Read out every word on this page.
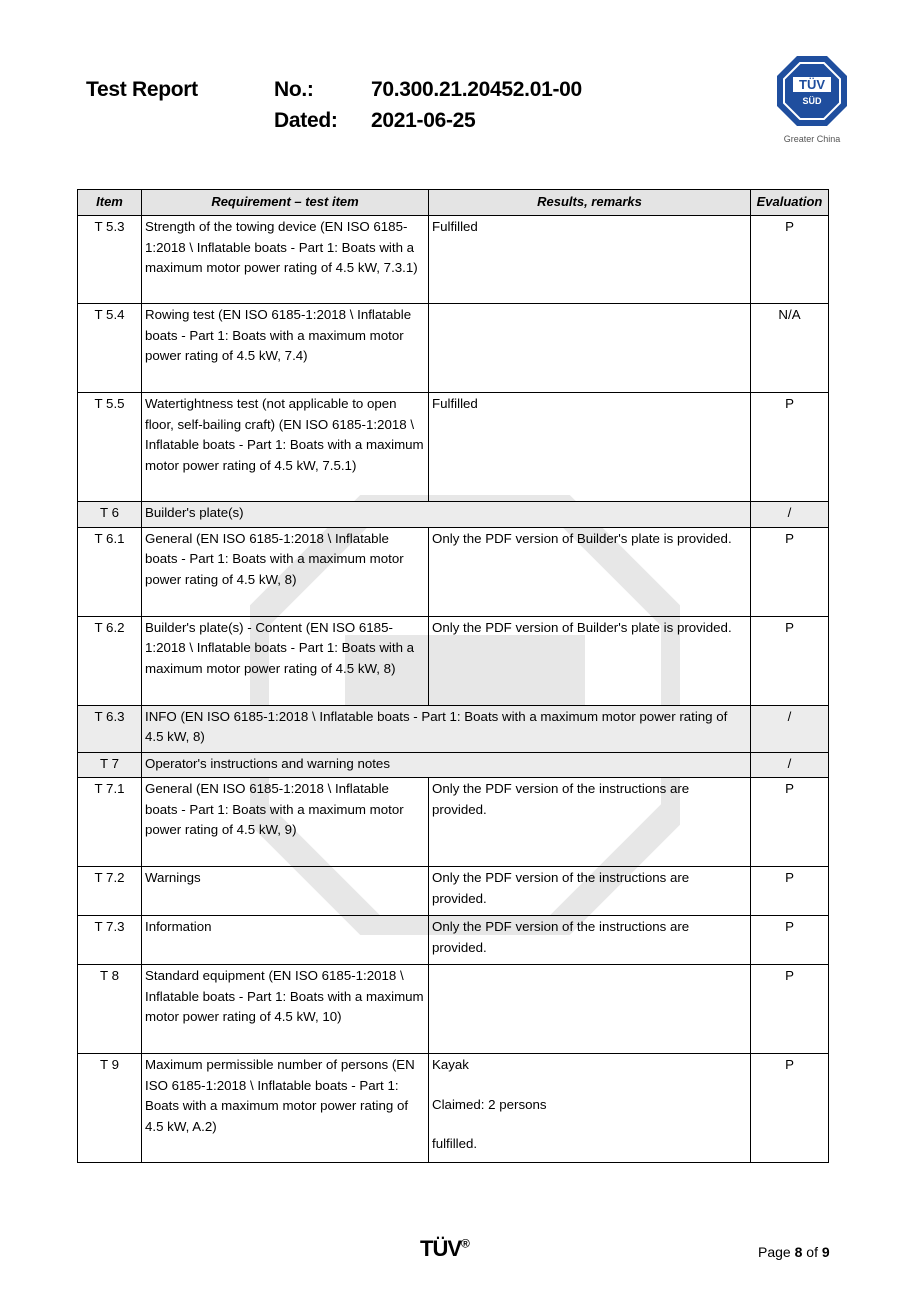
Test Report	No.:	70.300.21.20452.01-00
Dated: 2021-06-25
TÜV
SÜD
Greater China
Item	Requirement – test item	Results, remarks	Evaluation
T 5.3	Strength of the towing device (EN ISO 6185-1:2018 \ Inflatable boats - Part 1: Boats with a maximum motor power rating of 4.5 kW, 7.3.1)	Fulfilled	P
T 5.4	Rowing test (EN ISO 6185-1:2018 \ Inflatable boats - Part 1: Boats with a maximum motor power rating of 4.5 kW, 7.4)		N/A
T 5.5	Watertightness test (not applicable to open floor, self-bailing craft) (EN ISO 6185-1:2018 \ Inflatable boats - Part 1: Boats with a maximum motor power rating of 4.5 kW, 7.5.1)	Fulfilled	P
T 6	Builder's plate(s)		/
T 6.1	General (EN ISO 6185-1:2018 \ Inflatable boats - Part 1: Boats with a maximum motor power rating of 4.5 kW, 8)	Only the PDF version of Builder's plate is provided.	P
T 6.2	Builder's plate(s) - Content (EN ISO 6185-1:2018 \ Inflatable boats - Part 1: Boats with a maximum motor power rating of 4.5 kW, 8)	Only the PDF version of Builder's plate is provided.	P
T 6.3	INFO (EN ISO 6185-1:2018 \ Inflatable boats - Part 1: Boats with a maximum motor power rating of 4.5 kW, 8)		/
T 7	Operator's instructions and warning notes		/
T 7.1	General (EN ISO 6185-1:2018 \ Inflatable boats - Part 1: Boats with a maximum motor power rating of 4.5 kW, 9)	Only the PDF version of the instructions are provided.	P
T 7.2	Warnings	Only the PDF version of the instructions are provided.	P
T 7.3	Information	Only the PDF version of the instructions are provided.	P
T 8	Standard equipment (EN ISO 6185-1:2018 \ Inflatable boats - Part 1: Boats with a maximum motor power rating of 4.5 kW, 10)		P
T 9	Maximum permissible number of persons (EN ISO 6185-1:2018 \ Inflatable boats - Part 1: Boats with a maximum motor power rating of 4.5 kW, A.2)	Kayak
Claimed: 2 persons
fulfilled.	P
TÜV®
Page 8 of 9
